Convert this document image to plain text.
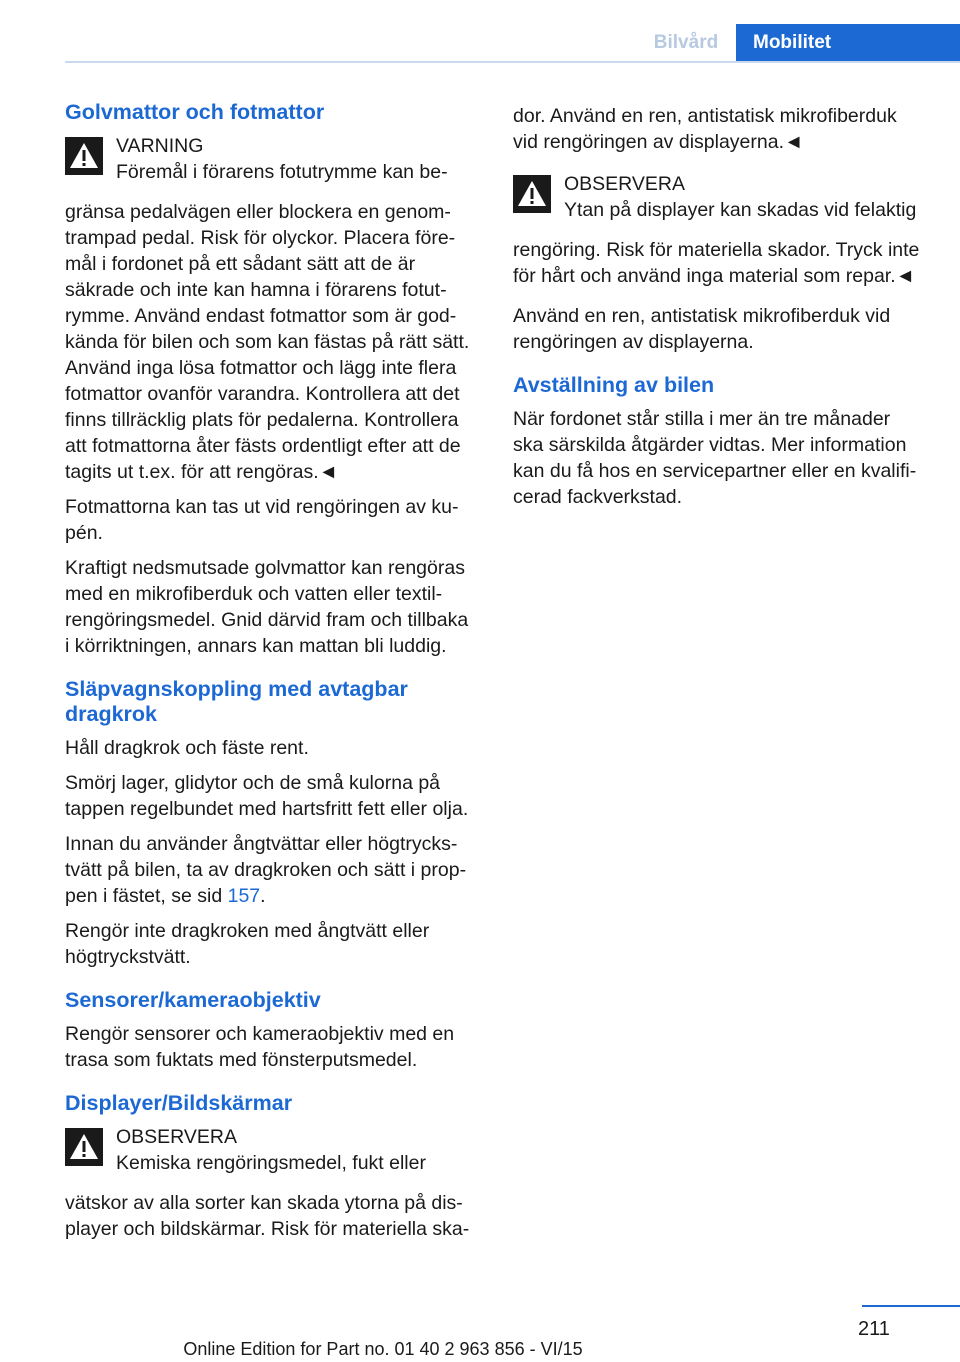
Bilvård	Mobilitet
Golvmattor och fotmattor
VARNING
Föremål i förarens fotutrymme kan be-
gränsa pedalvägen eller blockera en genomtrampad pedal. Risk för olyckor. Placera föremål i fordonet på ett sådant sätt att de är säkrade och inte kan hamna i förarens fotutrymme. Använd endast fotmattor som är godkända för bilen och som kan fästas på rätt sätt. Använd inga lösa fotmattor och lägg inte flera fotmattor ovanför varandra. Kontrollera att det finns tillräcklig plats för pedalerna. Kontrollera att fotmattorna åter fästs ordentligt efter att de tagits ut t.ex. för att rengöras.◄

Fotmattorna kan tas ut vid rengöringen av kupén.

Kraftigt nedsmutsade golvmattor kan rengöras med en mikrofiberduk och vatten eller textilrengöringsmedel. Gnid därvid fram och tillbaka i körriktningen, annars kan mattan bli luddig.

Släpvagnskoppling med avtagbar dragkrok

Håll dragkrok och fäste rent.

Smörj lager, glidytor och de små kulorna på tappen regelbundet med hartsfritt fett eller olja.

Innan du använder ångtvättar eller högtryckstvätt på bilen, ta av dragkroken och sätt i proppen i fästet, se sid 157.

Rengör inte dragkroken med ångtvätt eller högtryckstvätt.

Sensorer/kameraobjektiv

Rengör sensorer och kameraobjektiv med en trasa som fuktats med fönsterputsmedel.

Displayer/Bildskärmar
OBSERVERA
Kemiska rengöringsmedel, fukt eller
vätskor av alla sorter kan skada ytorna på displayer och bildskärmar. Risk för materiella ska-

dor. Använd en ren, antistatisk mikrofiberduk vid rengöringen av displayerna.◄

OBSERVERA
Ytan på displayer kan skadas vid felaktig
rengöring. Risk för materiella skador. Tryck inte för hårt och använd inga material som repar.◄

Använd en ren, antistatisk mikrofiberduk vid rengöringen av displayerna.

Avställning av bilen

När fordonet står stilla i mer än tre månader ska särskilda åtgärder vidtas. Mer information kan du få hos en servicepartner eller en kvalificerad fackverkstad.

211
Online Edition for Part no. 01 40 2 963 856 - VI/15
